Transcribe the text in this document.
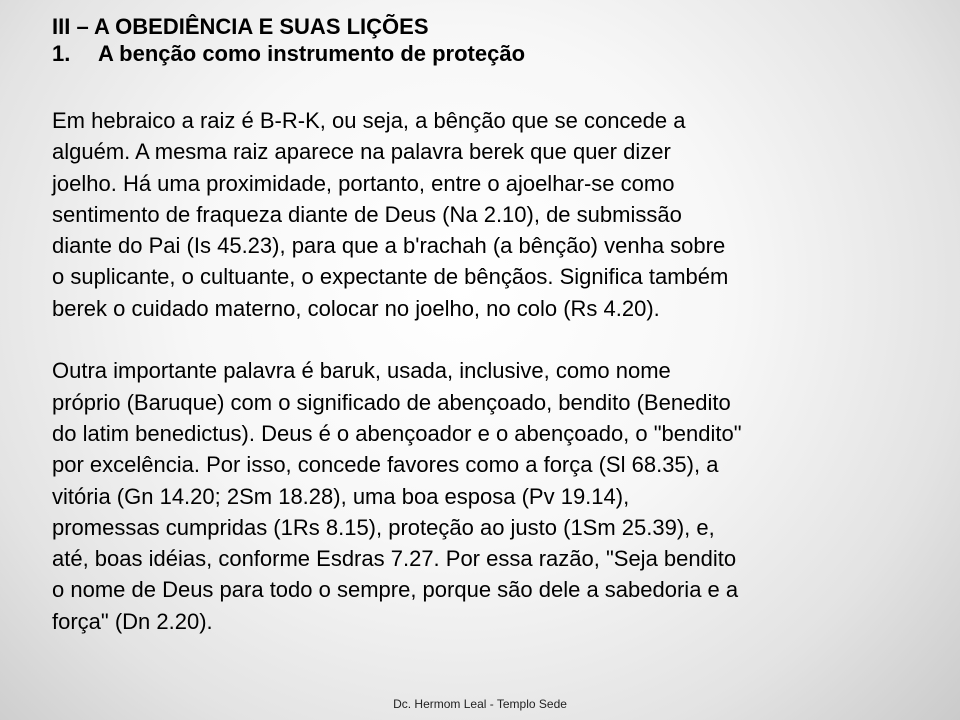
III – A OBEDIÊNCIA E SUAS LIÇÕES
1. A benção como instrumento de proteção
Em hebraico a raiz é B-R-K, ou seja, a bênção que se concede a
alguém. A mesma raiz aparece na palavra berek que quer dizer
joelho. Há uma proximidade, portanto, entre o ajoelhar-se como
sentimento de fraqueza diante de Deus (Na 2.10), de submissão
diante do Pai (Is 45.23), para que a b'rachah (a bênção) venha sobre
o suplicante, o cultuante, o expectante de bênçãos. Significa também
berek o cuidado materno, colocar no joelho, no colo (Rs 4.20).
Outra importante palavra é baruk, usada, inclusive, como nome
próprio (Baruque) com o significado de abençoado, bendito (Benedito
do latim benedictus). Deus é o abençoador e o abençoado, o "bendito"
por excelência. Por isso, concede favores como a força (Sl 68.35), a
vitória (Gn 14.20; 2Sm 18.28), uma boa esposa (Pv 19.14),
promessas cumpridas (1Rs 8.15), proteção ao justo (1Sm 25.39), e,
até, boas idéias, conforme Esdras 7.27. Por essa razão, "Seja bendito
o nome de Deus para todo o sempre, porque são dele a sabedoria e a
força" (Dn 2.20).
Dc. Hermom Leal - Templo Sede
